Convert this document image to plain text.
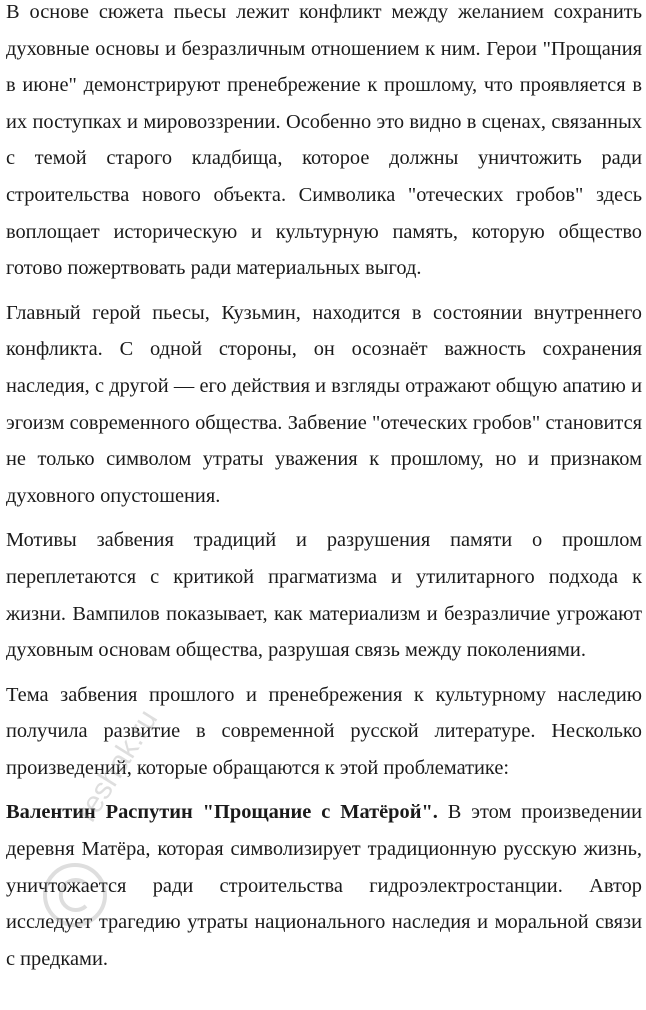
В основе сюжета пьесы лежит конфликт между желанием сохранить духовные основы и безразличным отношением к ним. Герои "Прощания в июне" демонстрируют пренебрежение к прошлому, что проявляется в их поступках и мировоззрении. Особенно это видно в сценах, связанных с темой старого кладбища, которое должны уничтожить ради строительства нового объекта. Символика "отеческих гробов" здесь воплощает историческую и культурную память, которую общество готово пожертвовать ради материальных выгод.

Главный герой пьесы, Кузьмин, находится в состоянии внутреннего конфликта. С одной стороны, он осознаёт важность сохранения наследия, с другой — его действия и взгляды отражают общую апатию и эгоизм современного общества. Забвение "отеческих гробов" становится не только символом утраты уважения к прошлому, но и признаком духовного опустошения.

Мотивы забвения традиций и разрушения памяти о прошлом переплетаются с критикой прагматизма и утилитарного подхода к жизни. Вампилов показывает, как материализм и безразличие угрожают духовным основам общества, разрушая связь между поколениями.

Тема забвения прошлого и пренебрежения к культурному наследию получила развитие в современной русской литературе. Несколько произведений, которые обращаются к этой проблематике:

Валентин Распутин "Прощание с Матёрой". В этом произведении деревня Матёра, которая символизирует традиционную русскую жизнь, уничтожается ради строительства гидроэлектростанции. Автор исследует трагедию утраты национального наследия и моральной связи с предками.

reshak.ru
